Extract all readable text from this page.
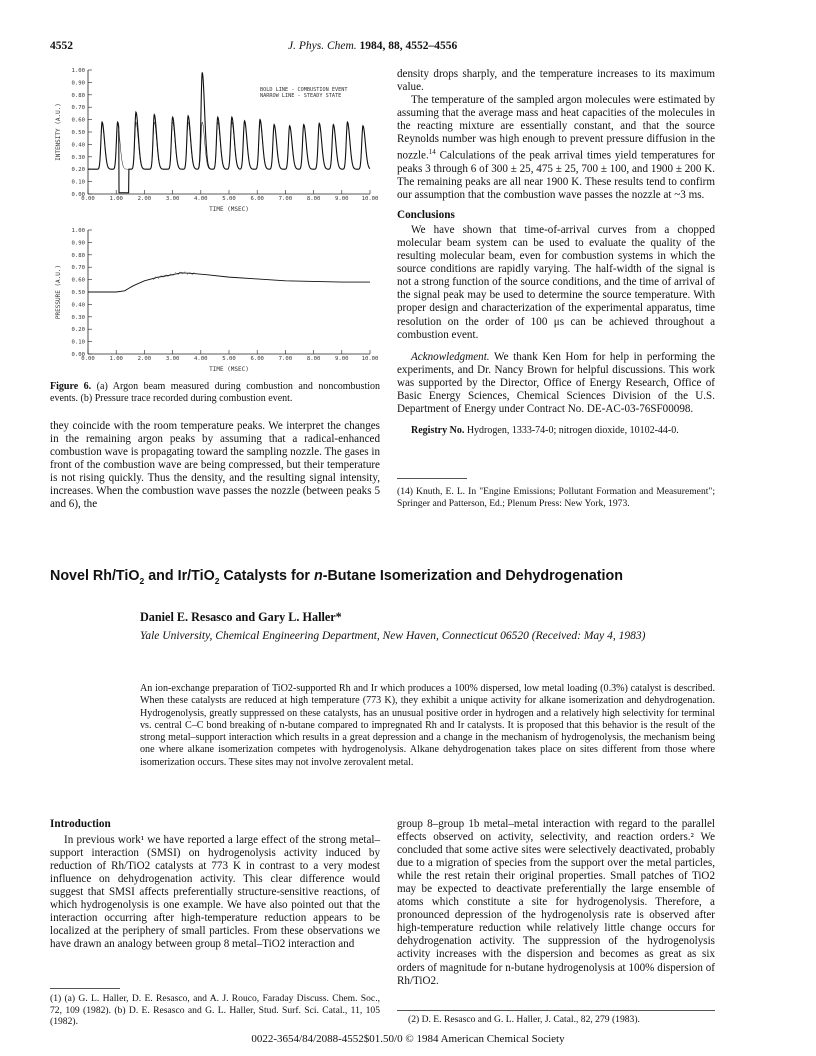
4552	J. Phys. Chem. 1984, 88, 4552–4556
0.00
0.10
0.20
0.30
0.40
0.50
0.60
0.70
0.80
0.90
1.00
0.00	1.00	2.00	3.00	4.00	5.00	6.00	7.00	8.00	9.00 10.00
TIME (MSEC)
INTENSITY (A.U.)
BOLD LINE - COMBUSTION EVENT
NARROW LINE - STEADY STATE
0.00
0.10
0.20
0.30
0.40
0.50
0.60
0.70
0.80
0.90
1.00
0.00	1.00	2.00	3.00	4.00	5.00	6.00	7.00	8.00	9.00 10.00
TIME (MSEC)
PRESSURE (A.U.)
Figure 6. (a) Argon beam measured during combustion and noncombustion events. (b) Pressure trace recorded during combustion event.

they coincide with the room temperature peaks. We interpret the changes in the remaining argon peaks by assuming that a radical-enhanced combustion wave is propagating toward the sampling nozzle. The gases in front of the combustion wave are being compressed, but their temperature is not rising quickly. Thus the density, and the resulting signal intensity, increases. When the combustion wave passes the nozzle (between peaks 5 and 6), the

density drops sharply, and the temperature increases to its maximum value.

The temperature of the sampled argon molecules were estimated by assuming that the average mass and heat capacities of the molecules in the reacting mixture are essentially constant, and that the source Reynolds number was high enough to prevent pressure diffusion in the nozzle.$^{14}$ Calculations of the peak arrival times yield temperatures for peaks 3 through 6 of 300 ± 25, 475 ± 25, 700 ± 100, and 1900 ± 200 K. The remaining peaks are all near 1900 K. These results tend to confirm our assumption that the combustion wave passes the nozzle at ~3 ms.

Conclusions

We have shown that time-of-arrival curves from a chopped molecular beam system can be used to evaluate the quality of the resulting molecular beam, even for combustion systems in which the source conditions are rapidly varying. The half-width of the signal is not a strong function of the source conditions, and the time of arrival of the signal peak may be used to determine the source temperature. With proper design and characterization of the experimental apparatus, time resolution on the order of 100 μs can be achieved throughout a combustion event.

Acknowledgment. We thank Ken Hom for help in performing the experiments, and Dr. Nancy Brown for helpful discussions. This work was supported by the Director, Office of Energy Research, Office of Basic Energy Sciences, Chemical Sciences Division of the U.S. Department of Energy under Contract No. DE-AC-03-76SF00098.

Registry No. Hydrogen, 1333-74-0; nitrogen dioxide, 10102-44-0.

(14) Knuth, E. L. In "Engine Emissions; Pollutant Formation and Measurement"; Springer and Patterson, Ed.; Plenum Press: New York, 1973.
Novel Rh/TiO$_2$ and Ir/TiO$_2$ Catalysts for n-Butane Isomerization and Dehydrogenation
Daniel E. Resasco and Gary L. Haller*
Yale University, Chemical Engineering Department, New Haven, Connecticut 06520 (Received: May 4, 1983)
An ion-exchange preparation of TiO2-supported Rh and Ir which produces a 100% dispersed, low metal loading (0.3%) catalyst is described. When these catalysts are reduced at high temperature (773 K), they exhibit a unique activity for alkane isomerization and dehydrogenation. Hydrogenolysis, greatly suppressed on these catalysts, has an unusual positive order in hydrogen and a relatively high selectivity for terminal vs. central C–C bond breaking of n-butane compared to impregnated Rh and Ir catalysts. It is proposed that this behavior is the result of the strong metal–support interaction which results in a great depression and a change in the mechanism of hydrogenolysis, the mechanism being one where alkane isomerization competes with hydrogenolysis. Alkane dehydrogenation takes place on sites different from those where isomerization occurs. These sites may not involve zerovalent metal.

Introduction

In previous work¹ we have reported a large effect of the strong metal–support interaction (SMSI) on hydrogenolysis activity induced by reduction of Rh/TiO2 catalysts at 773 K in contrast to a very modest influence on dehydrogenation activity. This clear difference would suggest that SMSI affects preferentially structure-sensitive reactions, of which hydrogenolysis is one example. We have also pointed out that the interaction occurring after high-temperature reduction appears to be localized at the periphery of small particles. From these observations we have drawn an analogy between group 8 metal–TiO2 interaction and

(1) (a) G. L. Haller, D. E. Resasco, and A. J. Rouco, Faraday Discuss. Chem. Soc., 72, 109 (1982). (b) D. E. Resasco and G. L. Haller, Stud. Surf. Sci. Catal., 11, 105 (1982).

group 8–group 1b metal–metal interaction with regard to the parallel effects observed on activity, selectivity, and reaction orders.² We concluded that some active sites were selectively deactivated, probably due to a migration of species from the support over the metal particles, while the rest retain their original properties. Small patches of TiO2 may be expected to deactivate preferentially the large ensemble of atoms which constitute a site for hydrogenolysis. Therefore, a pronounced depression of the hydrogenolysis rate is observed after high-temperature reduction while relatively little change occurs for dehydrogenation activity. The suppression of the hydrogenolysis activity increases with the dispersion and becomes as great as six orders of magnitude for n-butane hydrogenolysis at 100% dispersion of Rh/TiO2.

(2) D. E. Resasco and G. L. Haller, J. Catal., 82, 279 (1983).
0022-3654/84/2088-4552$01.50/0 © 1984 American Chemical Society
